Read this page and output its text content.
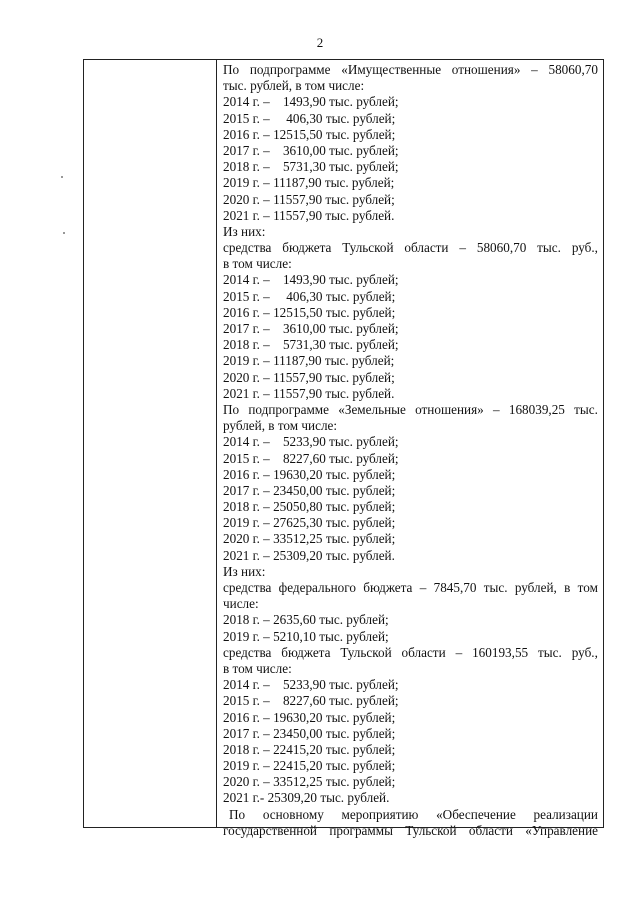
2
По подпрограмме «Имущественные отношения» – 58060,70
тыс. рублей, в том числе:
2014 г. –    1493,90 тыс. рублей;
2015 г. –     406,30 тыс. рублей;
2016 г. – 12515,50 тыс. рублей;
2017 г. –    3610,00 тыс. рублей;
2018 г. –    5731,30 тыс. рублей;
2019 г. – 11187,90 тыс. рублей;
2020 г. – 11557,90 тыс. рублей;
2021 г. – 11557,90 тыс. рублей.
Из них:
средства бюджета Тульской области – 58060,70 тыс. руб.,
в том числе:
2014 г. –    1493,90 тыс. рублей;
2015 г. –     406,30 тыс. рублей;
2016 г. – 12515,50 тыс. рублей;
2017 г. –    3610,00 тыс. рублей;
2018 г. –    5731,30 тыс. рублей;
2019 г. – 11187,90 тыс. рублей;
2020 г. – 11557,90 тыс. рублей;
2021 г. – 11557,90 тыс. рублей.
По подпрограмме «Земельные отношения» – 168039,25 тыс.
рублей, в том числе:
2014 г. –    5233,90 тыс. рублей;
2015 г. –    8227,60 тыс. рублей;
2016 г. – 19630,20 тыс. рублей;
2017 г. – 23450,00 тыс. рублей;
2018 г. – 25050,80 тыс. рублей;
2019 г. – 27625,30 тыс. рублей;
2020 г. – 33512,25 тыс. рублей;
2021 г. – 25309,20 тыс. рублей.
Из них:
средства федерального бюджета – 7845,70 тыс. рублей, в том
числе:
2018 г. – 2635,60 тыс. рублей;
2019 г. – 5210,10 тыс. рублей;
средства бюджета Тульской области – 160193,55 тыс. руб.,
в том числе:
2014 г. –    5233,90 тыс. рублей;
2015 г. –    8227,60 тыс. рублей;
2016 г. – 19630,20 тыс. рублей;
2017 г. – 23450,00 тыс. рублей;
2018 г. – 22415,20 тыс. рублей;
2019 г. – 22415,20 тыс. рублей;
2020 г. – 33512,25 тыс. рублей;
2021 г.- 25309,20 тыс. рублей.
По основному мероприятию «Обеспечение реализации
государственной программы Тульской области «Управление
